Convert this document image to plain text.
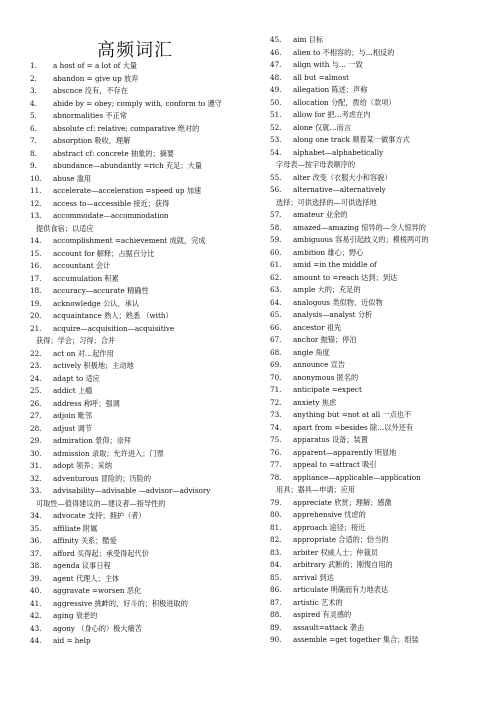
高频词汇
1. a host of = a lot of 大量
2. abandon = give up 放弃
3. abscnce 没有，不存在
4. abide by = obey; comply with, conform to 遵守
5. abnormalities 不正常
6. absolute cf: relative; comparative 绝对的
7. absorption 吸收，理解
8. abstract cf: concrete 抽象的；摘要
9. abundance—abundantly =rich 充足；大量
10. abuse 滥用
11. accelerate—acceleration =speed up 加速
12. access to—accessible 接近；获得
13. accommodate—accommodation
提供食宿；以适应
14. accomplishment =achievement 成就，完成
15. account for 解释；占据百分比
16. accountant 会计
17. accumulation 积累
18. accuracy—accurate 精确性
19. acknowledge 公认、承认
20. acquaintance 熟人；熟悉 （with）
21. acquire—acquisition—acquisitive
获得；学会；习得；合并
22. act on 对…起作用
23. actively 积极地；主动地
24. adapt to 适应
25. addict 上瘾
26. address 称呼；强调
27. adjoin 毗邻
28. adjust 调节
29. admiration 景仰；崇拜
30. admission 录取；允许进入；门票
31. adopt 领养；采纳
32. adventurous 冒险的；历险的
33. advisability—advisable —advisor—advisory
可取性—值得建议的—建议者—指导性的
34. advocate 支持；拥护（者）
35. affiliate 附属
36. affinity 关系；酷爱
37. afford 买得起；承受得起代价
38. agenda 议事日程
39. agent 代理人；主体
40. aggravate =worsen 恶化
41. aggressive 挑衅的，好斗的；积极进取的
42. aging 衰老的
43. agony （身心的）极大痛苦
44. aid = help
45. aim 目标
46. alien to 不相容的；与…相反的
47. align with 与… 一致
48. all but =almost
49. allegation 陈述；声称
50. allocation 分配，拨给（款项）
51. allow for 把…考虑在内
52. alone 仅就…而言
53. along one track 顺着某一做事方式
54. alphabet—alphabetically
字母表—按字母表顺序的
55. alter 改变（衣服大小和容貌）
56. alternative—alternatively
选择；可供选择的—可供选择地
57. amateur 业余的
58. amazed—amazing 惊异的—令人惊异的
59. ambiguous 容易引起歧义的；模棱两可的
60. ambition 雄心；野心
61. amid =in the middle of
62. amount to =reach 达到；到达
63. ample 大的；充足的
64. analogous 类似物、近似物
65. analysis—analyst 分析
66. ancestor 祖先
67. anchor 抛锚；停泊
68. angle 角度
69. announce 宣告
70. anonymous 匿名的
71. anticipate =expect
72. anxiety 焦虑
73. anything but =not at all 一点也不
74. apart from =besides 除…以外还有
75. apparatus 设备；装置
76. apparent—apparently 明显地
77. appeal to =attract 吸引
78. appliance—applicable—application
用具；器具—申请；应用
79. appreciate 欣赏；理解；感激
80. apprehensive 忧虑的
81. approach 途径；接近
82. appropriate 合适的；恰当的
83. arbiter 权威人士；仲裁员
84. arbitrary 武断的；刚愎自用的
85. arrival 到达
86. articulate 明确而有力地表达
87. artistic 艺术的
88. aspired 有灵感的
89. assault=attack 袭击
90. assemble =get together 集合；组装
